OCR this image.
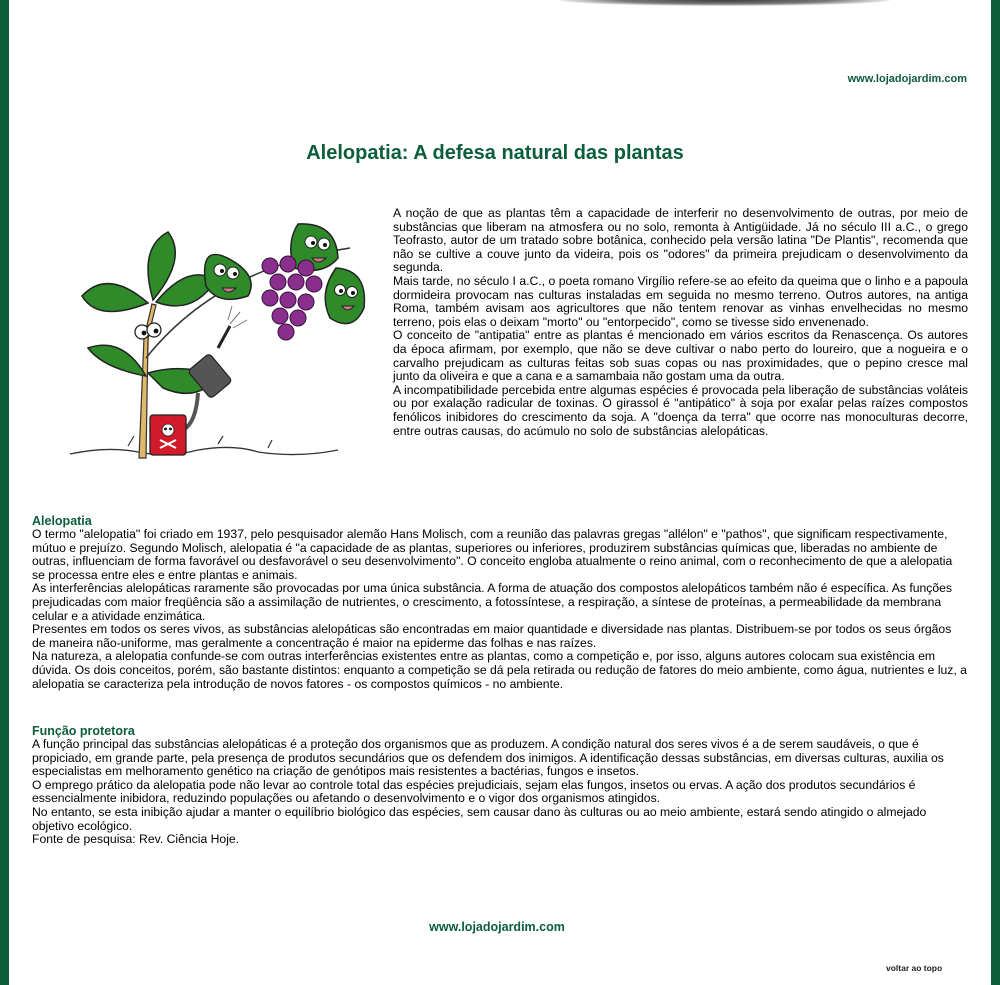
www.lojadojardim.com
Alelopatia: A defesa natural das plantas

A noção de que as plantas têm a capacidade de interferir no desenvolvimento de outras, por meio de substâncias que liberam na atmosfera ou no solo, remonta à Antigüidade. Já no século III a.C., o grego Teofrasto, autor de um tratado sobre botânica, conhecido pela versão latina "De Plantis", recomenda que não se cultive a couve junto da videira, pois os "odores" da primeira prejudicam o desenvolvimento da segunda.

Mais tarde, no século I a.C., o poeta romano Virgílio refere-se ao efeito da queima que o linho e a papoula dormideira provocam nas culturas instaladas em seguida no mesmo terreno. Outros autores, na antiga Roma, também avisam aos agricultores que não tentem renovar as vinhas envelhecidas no mesmo terreno, pois elas o deixam "morto" ou "entorpecido", como se tivesse sido envenenado.

O conceito de "antipatia" entre as plantas é mencionado em vários escritos da Renascença. Os autores da época afirmam, por exemplo, que não se deve cultivar o nabo perto do loureiro, que a nogueira e o carvalho prejudicam as culturas feitas sob suas copas ou nas proximidades, que o pepino cresce mal junto da oliveira e que a cana e a samambaia não gostam uma da outra.

A incompatibilidade percebida entre algumas espécies é provocada pela liberação de substâncias voláteis ou por exalação radicular de toxinas. O girassol é "antipático" à soja por exalar pelas raízes compostos fenólicos inibidores do crescimento da soja. A "doença da terra" que ocorre nas monoculturas decorre, entre outras causas, do acúmulo no solo de substâncias alelopáticas.

Alelopatia

O termo "alelopatia" foi criado em 1937, pelo pesquisador alemão Hans Molisch, com a reunião das palavras gregas "allélon" e "pathos", que significam respectivamente, mútuo e prejuízo. Segundo Molisch, alelopatia é "a capacidade de as plantas, superiores ou inferiores, produzirem substâncias químicas que, liberadas no ambiente de outras, influenciam de forma favorável ou desfavorável o seu desenvolvimento". O conceito engloba atualmente o reino animal, com o reconhecimento de que a alelopatia se processa entre eles e entre plantas e animais.

As interferências alelopáticas raramente são provocadas por uma única substância. A forma de atuação dos compostos alelopáticos também não é específica. As funções prejudicadas com maior freqüência são a assimilação de nutrientes, o crescimento, a fotossíntese, a respiração, a síntese de proteínas, a permeabilidade da membrana celular e a atividade enzimática.

Presentes em todos os seres vivos, as substâncias alelopáticas são encontradas em maior quantidade e diversidade nas plantas. Distribuem-se por todos os seus órgãos de maneira não-uniforme, mas geralmente a concentração é maior na epiderme das folhas e nas raízes.

Na natureza, a alelopatia confunde-se com outras interferências existentes entre as plantas, como a competição e, por isso, alguns autores colocam sua existência em dúvida. Os dois conceitos, porém, são bastante distintos: enquanto a competição se dá pela retirada ou redução de fatores do meio ambiente, como água, nutrientes e luz, a alelopatia se caracteriza pela introdução de novos fatores - os compostos químicos - no ambiente.

Função protetora

A função principal das substâncias alelopáticas é a proteção dos organismos que as produzem. A condição natural dos seres vivos é a de serem saudáveis, o que é propiciado, em grande parte, pela presença de produtos secundários que os defendem dos inimigos. A identificação dessas substâncias, em diversas culturas, auxilia os especialistas em melhoramento genético na criação de genótipos mais resistentes a bactérias, fungos e insetos.

O emprego prático da alelopatia pode não levar ao controle total das espécies prejudiciais, sejam elas fungos, insetos ou ervas. A ação dos produtos secundários é essencialmente inibidora, reduzindo populações ou afetando o desenvolvimento e o vigor dos organismos atingidos.

No entanto, se esta inibição ajudar a manter o equilíbrio biológico das espécies, sem causar dano às culturas ou ao meio ambiente, estará sendo atingido o almejado objetivo ecológico.

Fonte de pesquisa: Rev. Ciência Hoje.

www.lojadojardim.com
voltar ao topo
